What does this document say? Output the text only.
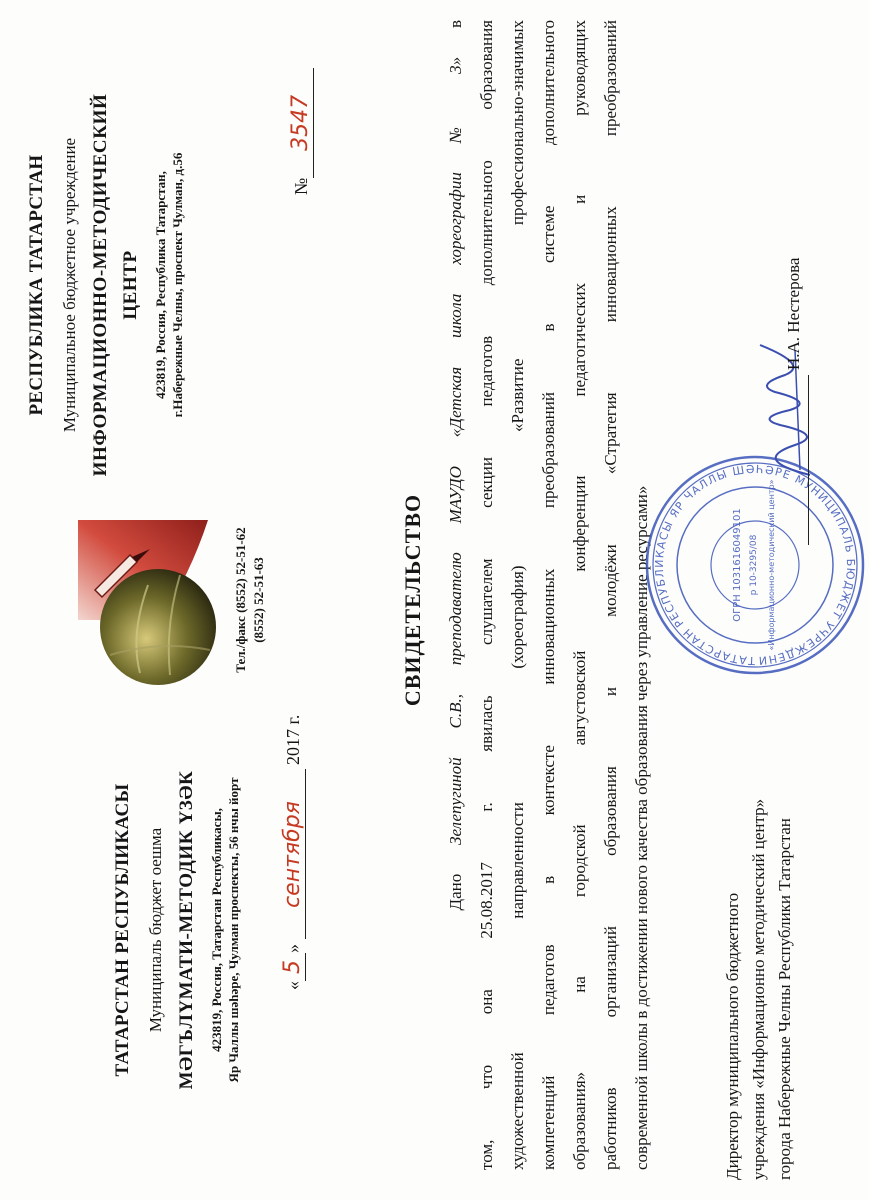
ТАТАРСТАН РЕСПУБЛИКАСЫ Муниципаль бюджет оешма МӘГЪЛҮМАТИ-МЕТОДИК ҮЗӘК 423819, Россия, Татарстан Республикасы, Яр Чаллы шәһәре, Чулман проспекты, 56 нчы йорт
Тел./факс (8552) 52-51-62 (8552) 52-51-63
РЕСПУБЛИКА ТАТАРСТАН Муниципальное бюджетное учреждение ИНФОРМАЦИОННО-МЕТОДИЧЕСКИЙ ЦЕНТР 423819, Россия, Республика Татарстан, г.Набережные Челны, проспект Чулман, д.56
«5» сентября 2017 г.
№3547
СВИДЕТЕЛЬСТВО
Дано Зелепугиной С.В., преподавателю МАУДО «Детская школа хореографии № 3» в том, что она 25.08.2017 г. явилась слушателем секции педагогов дополнительного образования художественной направленности (хореография) «Развитие профессионально-значимых компетенций педагогов в контексте инновационных преобразований в системе дополнительного образования» на городской августовской конференции педагогических и руководящих работников организаций образования и молодёжи «Стратегия инновационных преобразований современной школы в достижении нового качества образования через управление ресурсами»	ТАТАРСТАН РЕСПУБЛИКАСЫ ЯР ЧАЛЛЫ ШӘҺӘРЕ МУНИЦИПАЛЬ БЮДЖЕТ УЧРЕЖДЕНИ
ОГРН 1031616049101 р 10-3295/08 «Информационно-методический центр»
Директор муниципального бюджетного учреждения «Информационно методический центр» города Набережные Челны Республики Татарстан
Н.А. Нестерова
